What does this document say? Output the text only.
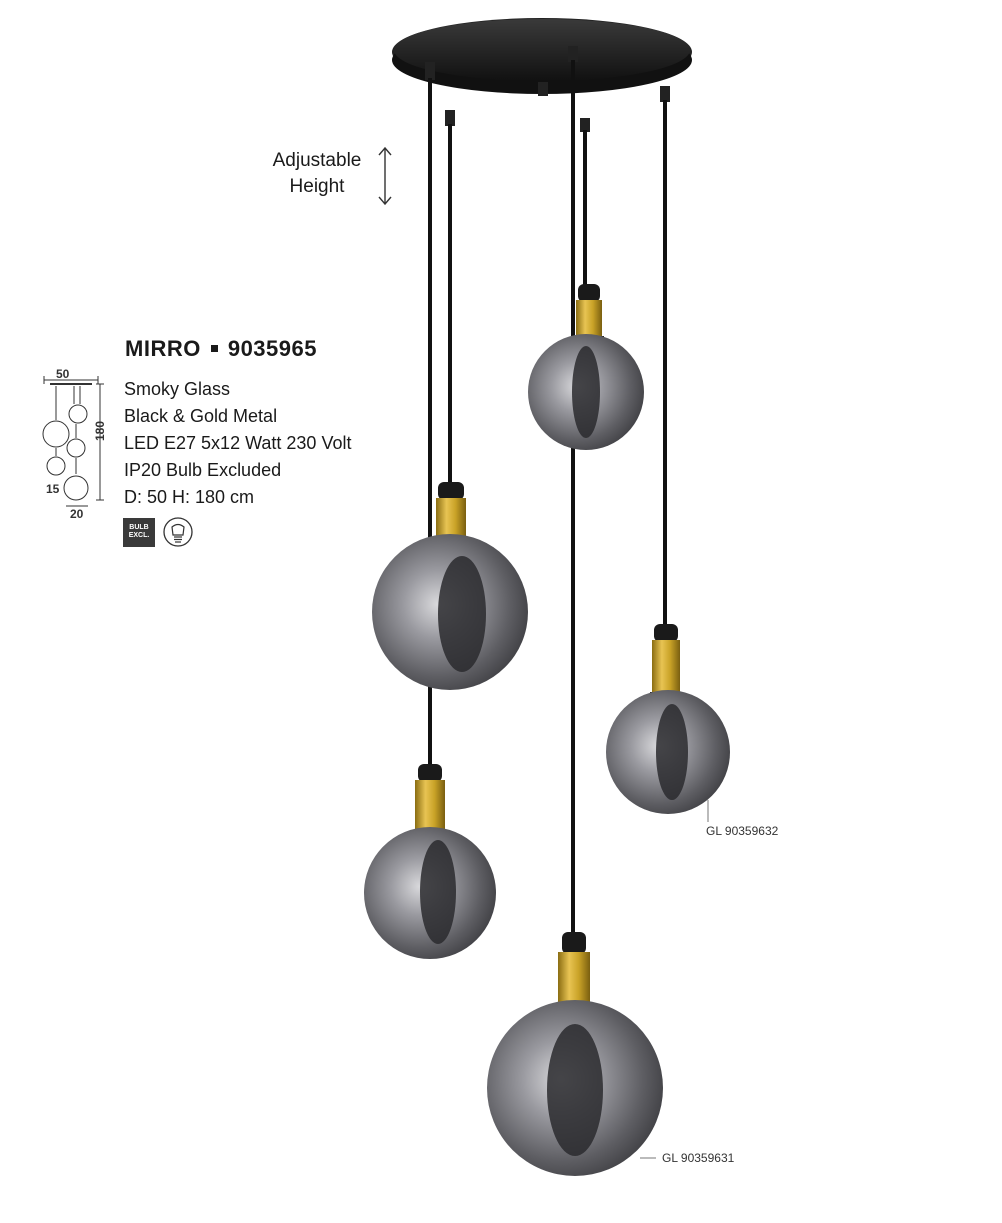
50
180
15
20
MIRRO 9035965
Smoky Glass
Black & Gold Metal
LED E27 5x12 Watt 230 Volt
IP20 Bulb Excluded
D: 50 H: 180 cm
BULB
EXCL.
Adjustable
Height
GL 90359632
GL 90359631
